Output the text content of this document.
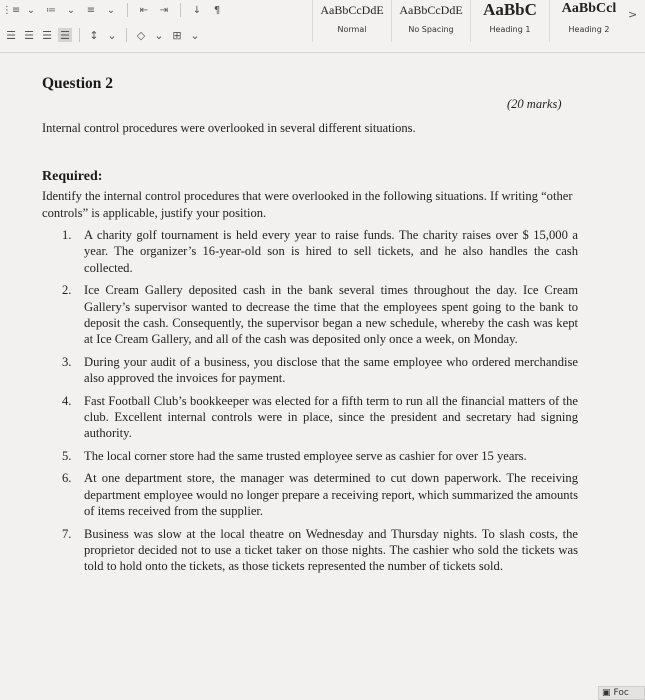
⋮≡ ⌄ ≔ ⌄ ≡ ⌄ ⇤ ⇥ ↓	¶
☰ ☰ ☰ ☰ ↕ ⌄ ◇ ⌄ ⊞ ⌄
AaBbCcDdE
Normal
AaBbCcDdE
No Spacing
AaBbC
Heading 1
AaBbCcl
Heading 2
>
Question 2
(20 marks)
Internal control procedures were overlooked in several different situations.
Required:
Identify the internal control procedures that were overlooked in the following situations. If writing “other controls” is applicable, justify your position.
1. A charity golf tournament is held every year to raise funds. The charity raises over $ 15,000 a year. The organizer’s 16-year-old son is hired to sell tickets, and he also handles the cash collected.
2. Ice Cream Gallery deposited cash in the bank several times throughout the day. Ice Cream Gallery’s supervisor wanted to decrease the time that the employees spent going to the bank to deposit the cash. Consequently, the supervisor began a new schedule, whereby the cash was kept at Ice Cream Gallery, and all of the cash was deposited only once a week, on Monday.
3. During your audit of a business, you disclose that the same employee who ordered merchandise also approved the invoices for payment.
4. Fast Football Club’s bookkeeper was elected for a fifth term to run all the financial matters of the club. Excellent internal controls were in place, since the president and secretary had signing authority.
5. The local corner store had the same trusted employee serve as cashier for over 15 years.
6. At one department store, the manager was determined to cut down paperwork. The receiving department employee would no longer prepare a receiving report, which summarized the amounts of items received from the supplier.
7. Business was slow at the local theatre on Wednesday and Thursday nights. To slash costs, the proprietor decided not to use a ticket taker on those nights. The cashier who sold the tickets was told to hold onto the tickets, as those tickets represented the number of tickets sold.
▣ Foc
